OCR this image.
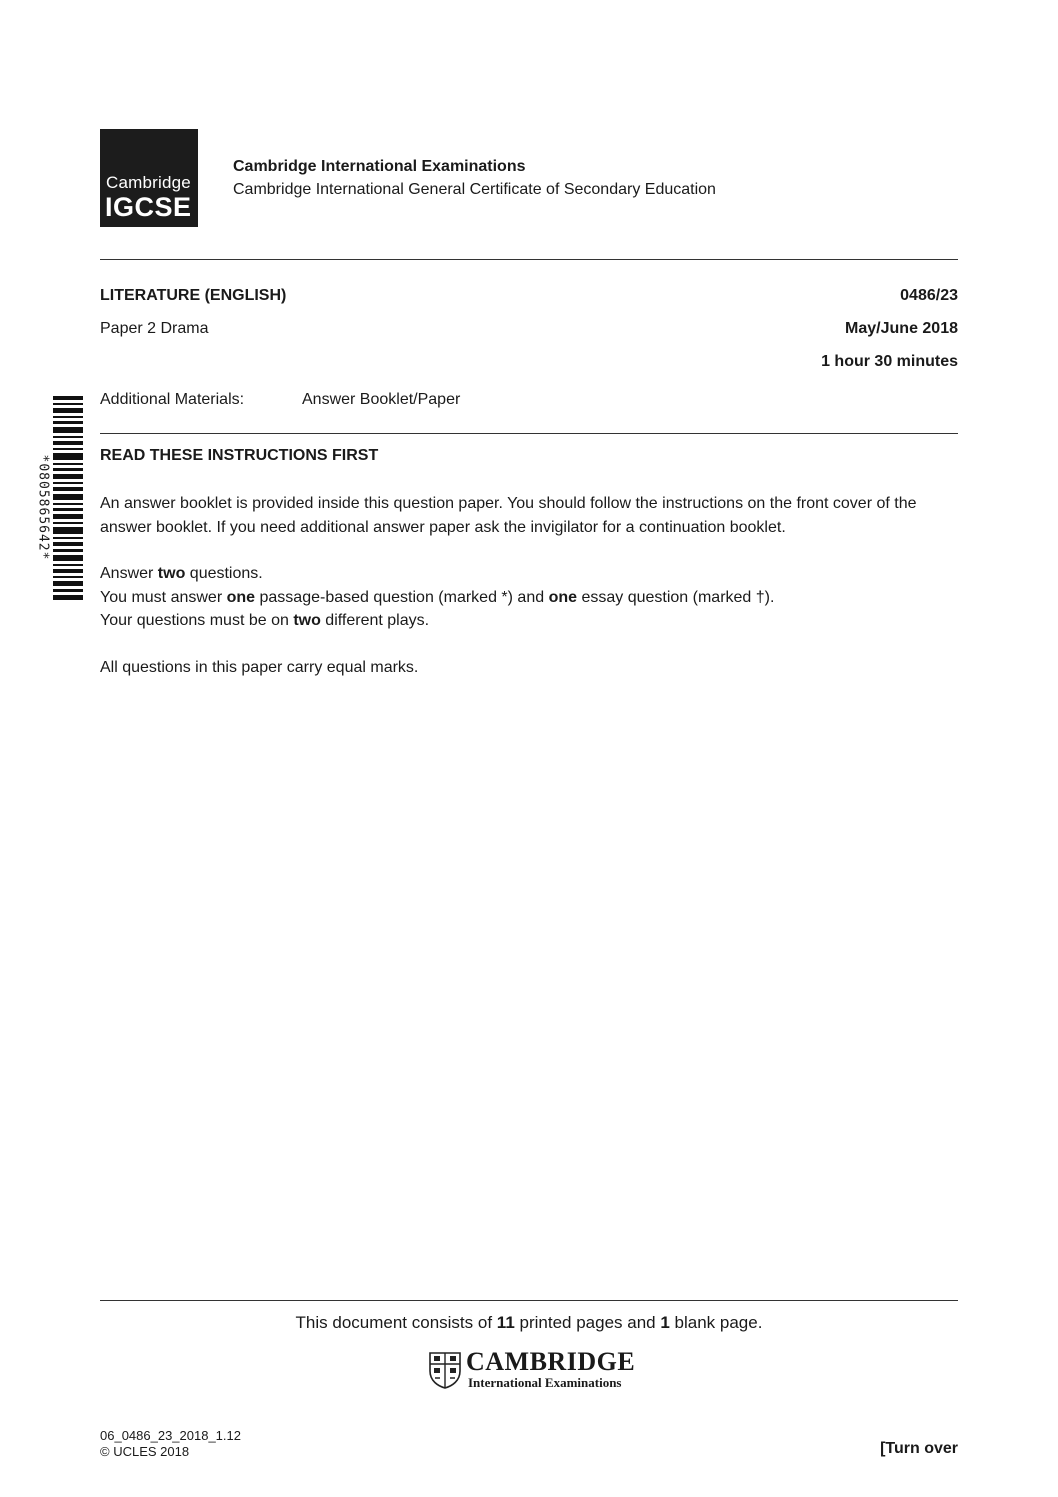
Cambridge
IGCSE
Cambridge International Examinations
Cambridge International General Certificate of Secondary Education
LITERATURE (ENGLISH)	0486/23
Paper 2 Drama	May/June 2018
1 hour 30 minutes
Additional Materials:	Answer Booklet/Paper
*0805865642*	READ THESE INSTRUCTIONS FIRST
An answer booklet is provided inside this question paper. You should follow the instructions on the front cover of the answer booklet. If you need additional answer paper ask the invigilator for a continuation booklet.
Answer two questions.
You must answer one passage-based question (marked *) and one essay question (marked †).
Your questions must be on two different plays.
All questions in this paper carry equal marks.
This document consists of 11 printed pages and 1 blank page.
CAMBRIDGE
International Examinations
06_0486_23_2018_1.12
© UCLES 2018	[Turn over
